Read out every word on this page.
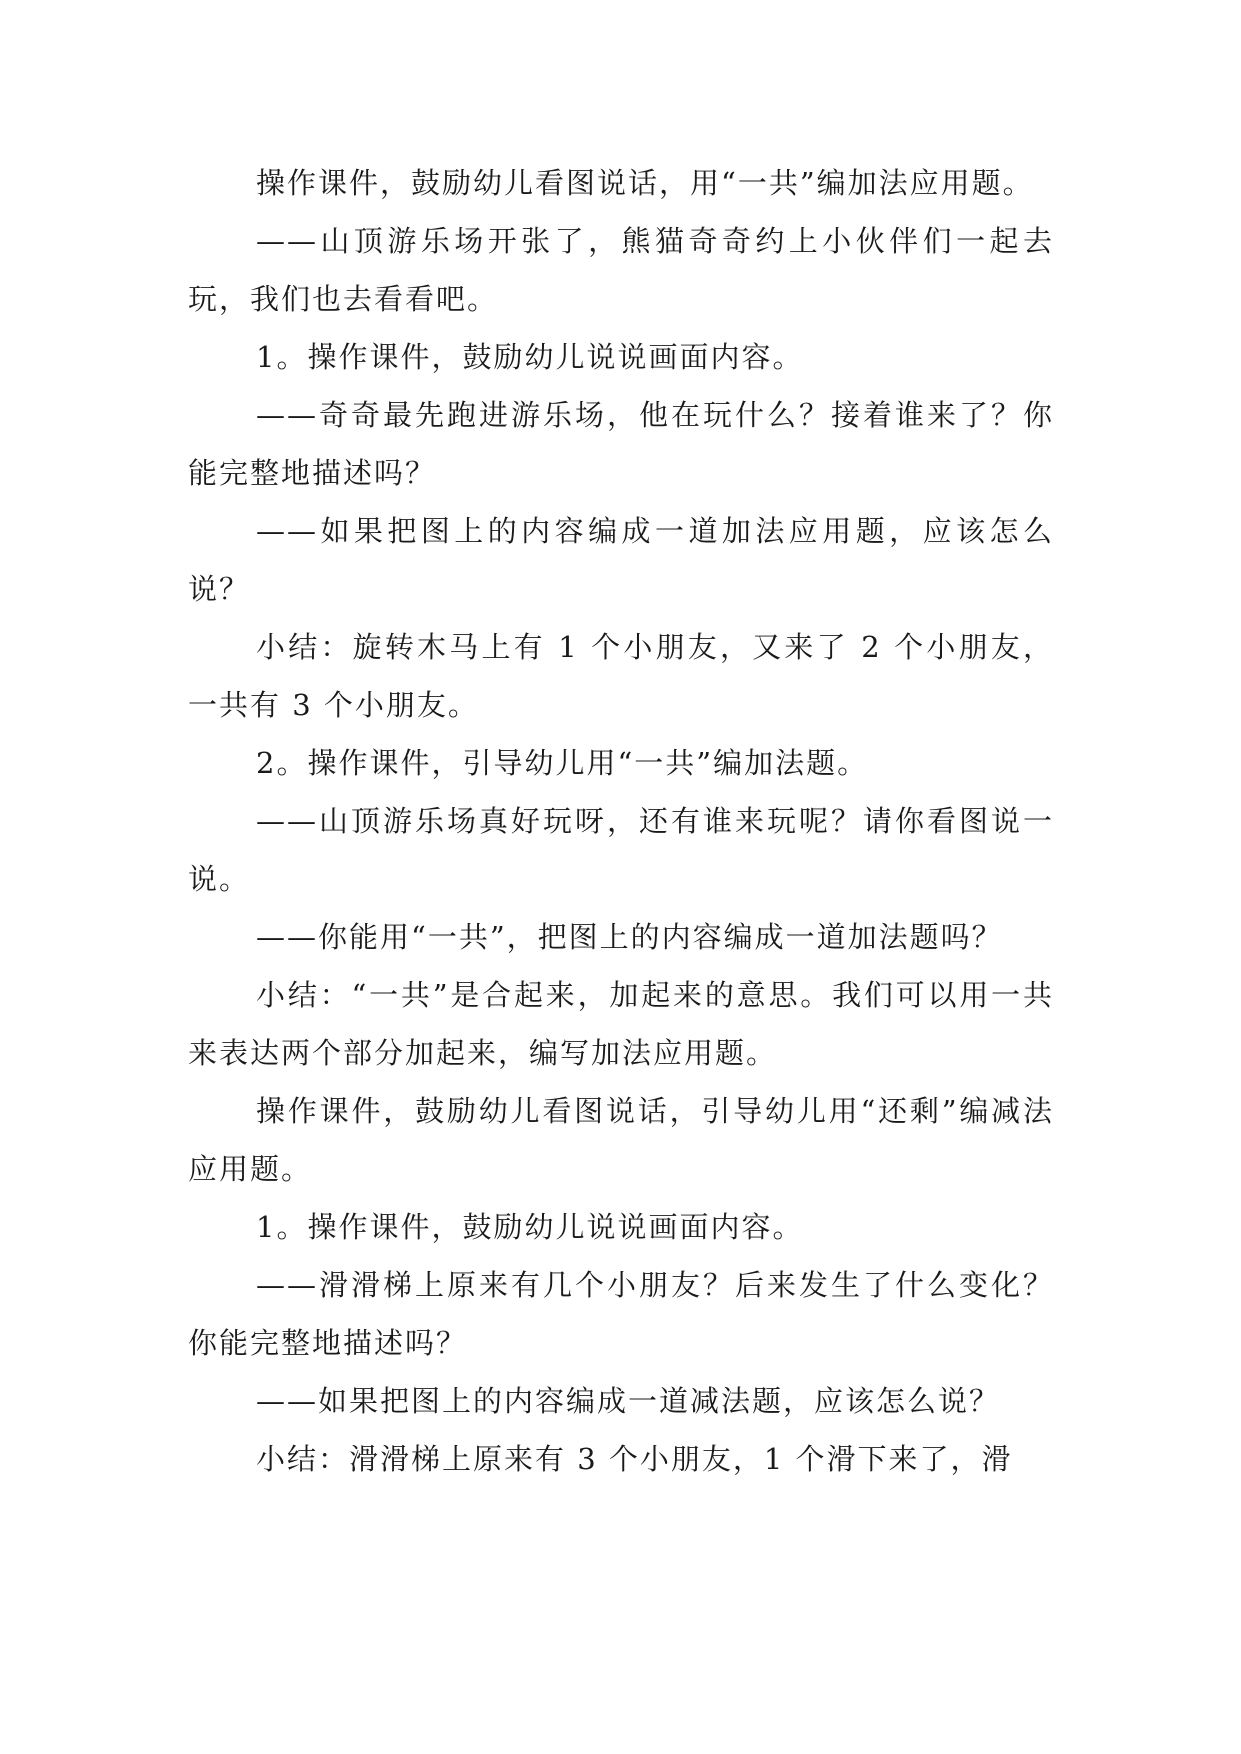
操作课件，鼓励幼儿看图说话，用“一共”编加法应用题。

——山顶游乐场开张了，熊猫奇奇约上小伙伴们一起去玩，我们也去看看吧。

1。操作课件，鼓励幼儿说说画面内容。

——奇奇最先跑进游乐场，他在玩什么？接着谁来了？你能完整地描述吗？

——如果把图上的内容编成一道加法应用题，应该怎么说？

小结：旋转木马上有 1 个小朋友，又来了 2 个小朋友，一共有 3 个小朋友。

2。操作课件，引导幼儿用“一共”编加法题。

——山顶游乐场真好玩呀，还有谁来玩呢？请你看图说一说。

——你能用“一共”，把图上的内容编成一道加法题吗？

小结：“一共”是合起来，加起来的意思。我们可以用一共来表达两个部分加起来，编写加法应用题。

操作课件，鼓励幼儿看图说话，引导幼儿用“还剩”编减法应用题。

1。操作课件，鼓励幼儿说说画面内容。

——滑滑梯上原来有几个小朋友？后来发生了什么变化？你能完整地描述吗？

——如果把图上的内容编成一道减法题，应该怎么说？

小结：滑滑梯上原来有 3 个小朋友，1 个滑下来了，滑
